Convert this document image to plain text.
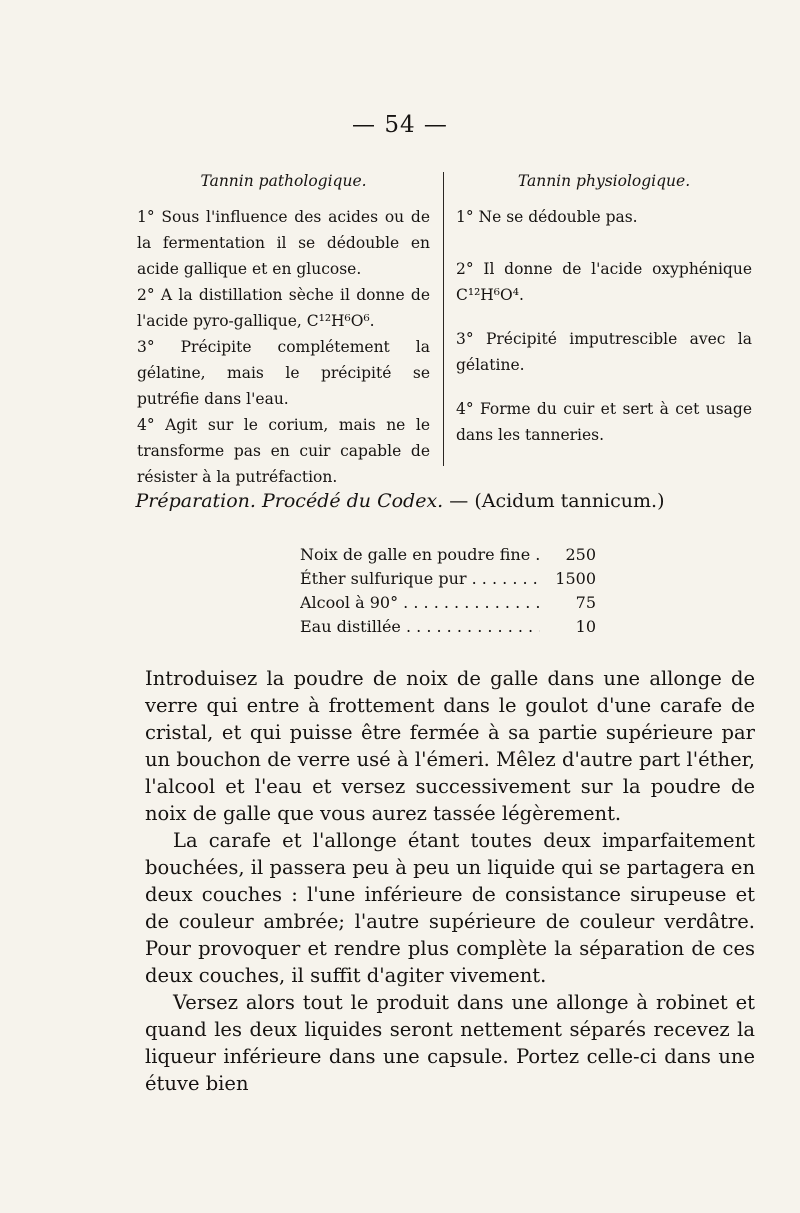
— 54 —
Tannin pathologique.

1° Sous l'influence des acides ou de la fermentation il se dédouble en acide gallique et en glucose.

2° A la distillation sèche il donne de l'acide pyro-gallique, C¹²H⁶O⁶.

3° Précipite complétement la gélatine, mais le précipité se putréfie dans l'eau.

4° Agit sur le corium, mais ne le transforme pas en cuir capable de résister à la putréfaction.

Tannin physiologique.

1° Ne se dédouble pas.

2° Il donne de l'acide oxyphénique C¹²H⁶O⁴.

3° Précipité imputrescible avec la gélatine.

4° Forme du cuir et sert à cet usage dans les tanneries.

Préparation. Procédé du Codex. — (Acidum tannicum.)
Noix de galle en poudre fine . . .	250
Éther sulfurique pur . . .	1500
Alcool à 90° . . .	75
Eau distillée . . .	10

Introduisez la poudre de noix de galle dans une allonge de verre qui entre à frottement dans le goulot d'une carafe de cristal, et qui puisse être fermée à sa partie supérieure par un bouchon de verre usé à l'émeri. Mêlez d'autre part l'éther, l'alcool et l'eau et versez successivement sur la poudre de noix de galle que vous aurez tassée légèrement.

La carafe et l'allonge étant toutes deux imparfaitement bouchées, il passera peu à peu un liquide qui se partagera en deux couches : l'une inférieure de consistance sirupeuse et de couleur ambrée; l'autre supérieure de couleur verdâtre. Pour provoquer et rendre plus complète la séparation de ces deux couches, il suffit d'agiter vivement.

Versez alors tout le produit dans une allonge à robinet et quand les deux liquides seront nettement séparés recevez la liqueur inférieure dans une capsule. Portez celle-ci dans une étuve bien
